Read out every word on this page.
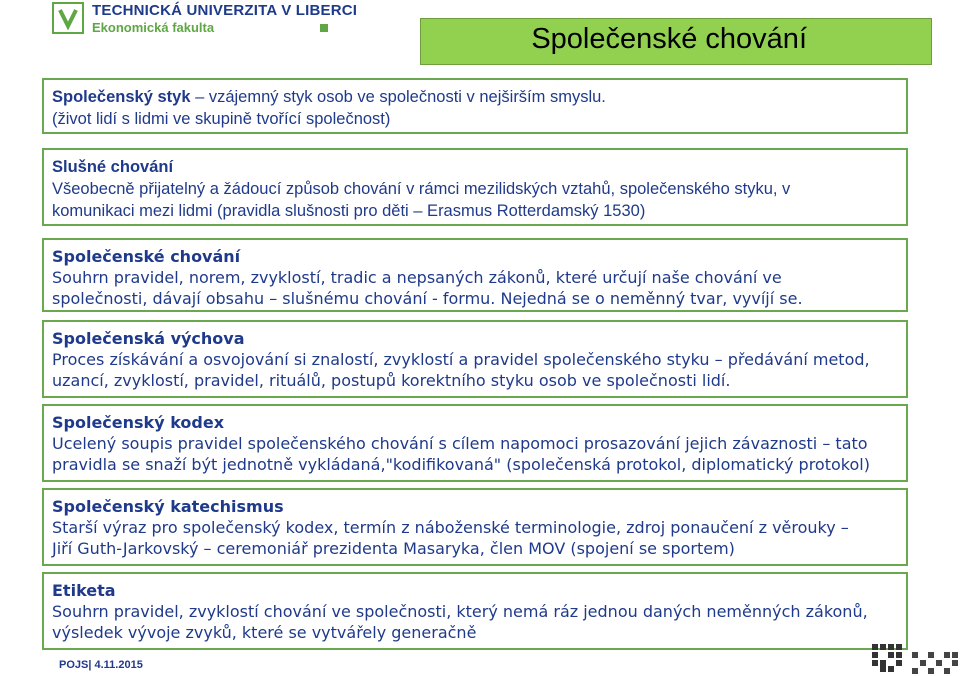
TECHNICKÁ UNIVERZITA V LIBERCI
Ekonomická fakulta	Společenské chování
Společenský styk – vzájemný styk osob ve společnosti v nejširším smyslu.
(život lidí s lidmi ve skupině tvořící společnost)
Slušné chování
Všeobecně přijatelný a žádoucí způsob chování v rámci mezilidských vztahů, společenského styku, v
komunikaci mezi lidmi (pravidla slušnosti pro děti – Erasmus Rotterdamský 1530)
Společenské chování
Souhrn pravidel, norem, zvyklostí, tradic a nepsaných zákonů, které určují naše chování ve
společnosti, dávají obsahu – slušnému chování - formu. Nejedná se o neměnný tvar, vyvíjí se.
Společenská výchova
Proces získávání a osvojování si znalostí, zvyklostí a pravidel společenského styku – předávání metod,
uzancí, zvyklostí, pravidel, rituálů, postupů korektního styku osob ve společnosti lidí.
Společenský kodex
Ucelený soupis pravidel společenského chování s cílem napomoci prosazování jejich závaznosti – tato
pravidla se snaží být jednotně vykládaná,"kodifikovaná" (společenská protokol, diplomatický protokol)
Společenský katechismus
Starší výraz pro společenský kodex, termín z náboženské terminologie, zdroj ponaučení z věrouky –
Jiří Guth-Jarkovský – ceremoniář prezidenta Masaryka, člen MOV (spojení se sportem)
Etiketa
Souhrn pravidel, zvyklostí chování ve společnosti, který nemá ráz jednou daných neměnných zákonů,
výsledek vývoje zvyků, které se vytvářely generačně
POJS| 4.11.2015
